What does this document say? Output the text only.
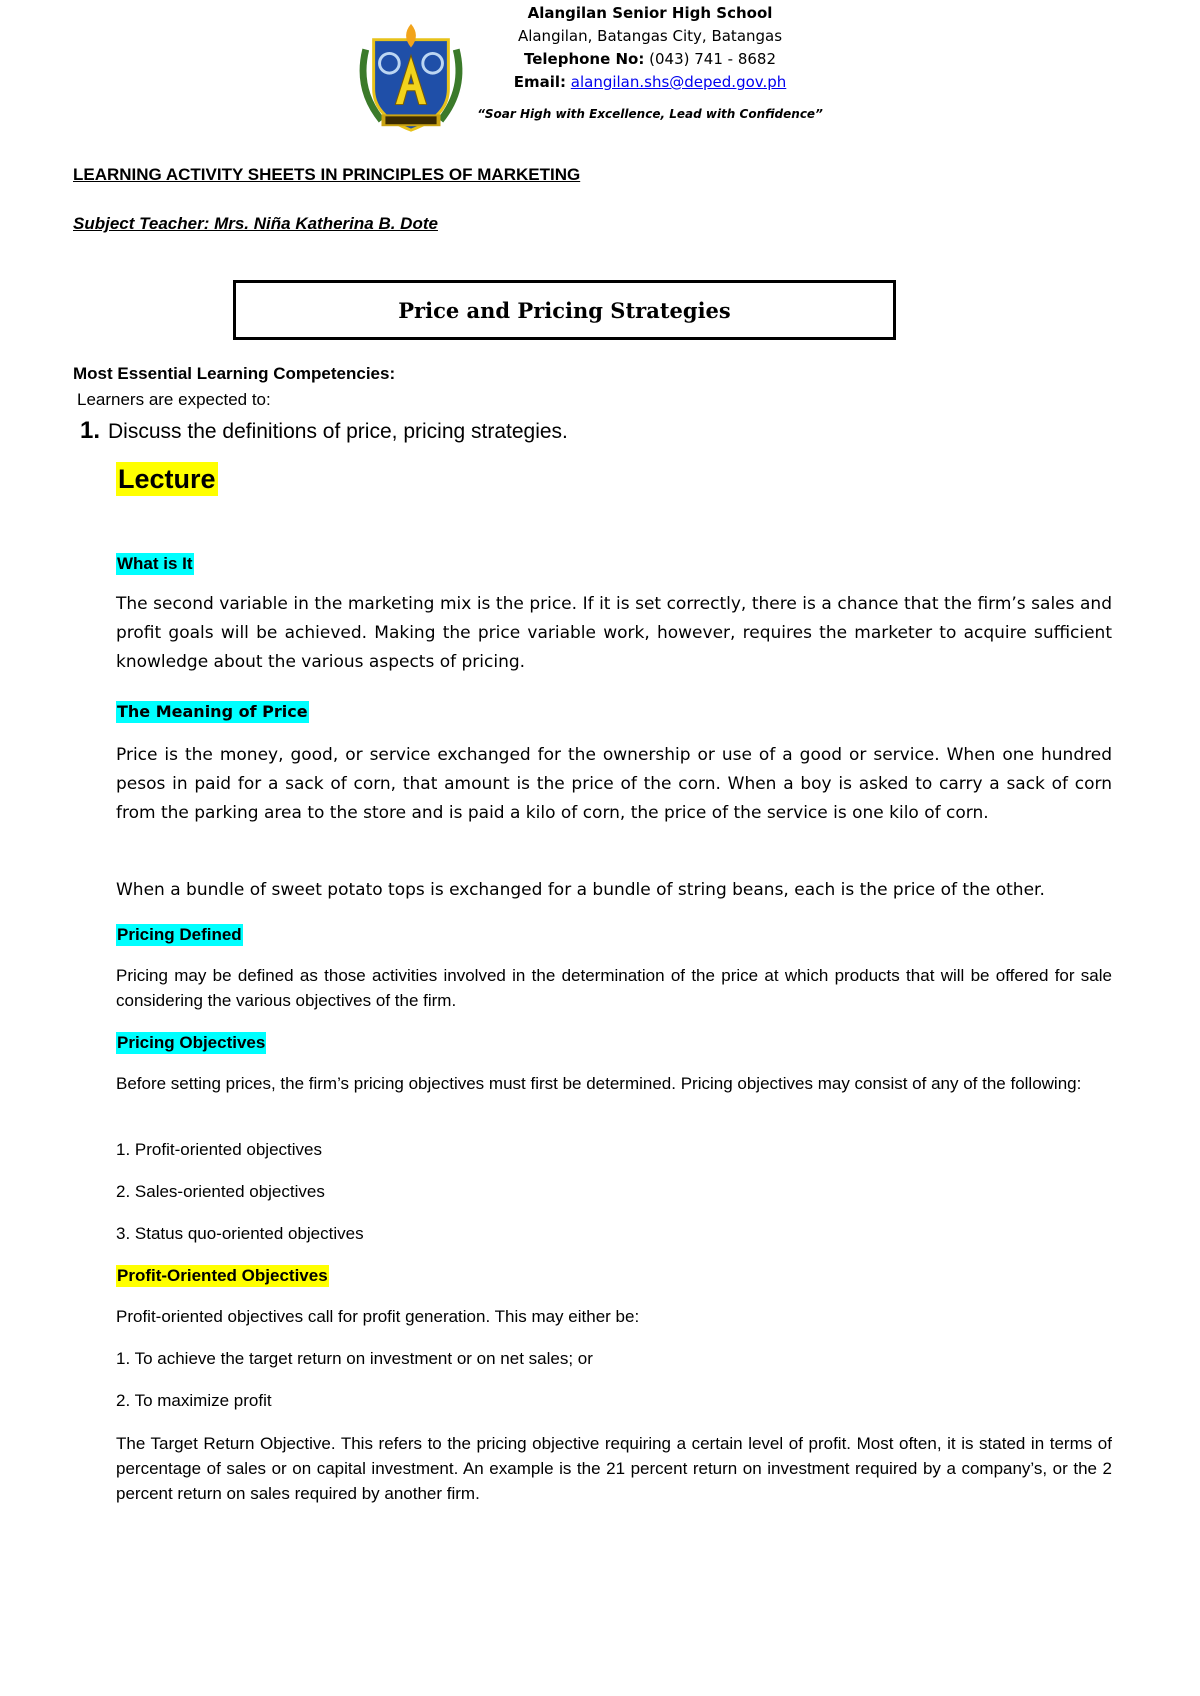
Alangilan Senior High School
Alangilan, Batangas City, Batangas
Telephone No: (043) 741 - 8682
Email: alangilan.shs@deped.gov.ph
“Soar High with Excellence, Lead with Confidence”
LEARNING ACTIVITY SHEETS IN PRINCIPLES OF MARKETING
Subject Teacher: Mrs. Niña Katherina B. Dote
Price and Pricing Strategies
Most Essential Learning Competencies:
Learners are expected to:
1. Discuss the definitions of price, pricing strategies.
Lecture
What is It
The second variable in the marketing mix is the price. If it is set correctly, there is a chance that the firm’s sales and profit goals will be achieved. Making the price variable work, however, requires the marketer to acquire sufficient knowledge about the various aspects of pricing.
The Meaning of Price
Price is the money, good, or service exchanged for the ownership or use of a good or service. When one hundred pesos in paid for a sack of corn, that amount is the price of the corn. When a boy is asked to carry a sack of corn from the parking area to the store and is paid a kilo of corn, the price of the service is one kilo of corn.
When a bundle of sweet potato tops is exchanged for a bundle of string beans, each is the price of the other.
Pricing Defined
Pricing may be defined as those activities involved in the determination of the price at which products that will be offered for sale considering the various objectives of the firm.
Pricing Objectives
Before setting prices, the firm’s pricing objectives must first be determined. Pricing objectives may consist of any of the following:
1. Profit-oriented objectives
2. Sales-oriented objectives
3. Status quo-oriented objectives
Profit-Oriented Objectives
Profit-oriented objectives call for profit generation. This may either be:
1. To achieve the target return on investment or on net sales; or
2. To maximize profit
The Target Return Objective. This refers to the pricing objective requiring a certain level of profit. Most often, it is stated in terms of percentage of sales or on capital investment. An example is the 21 percent return on investment required by a company’s, or the 2 percent return on sales required by another firm.
